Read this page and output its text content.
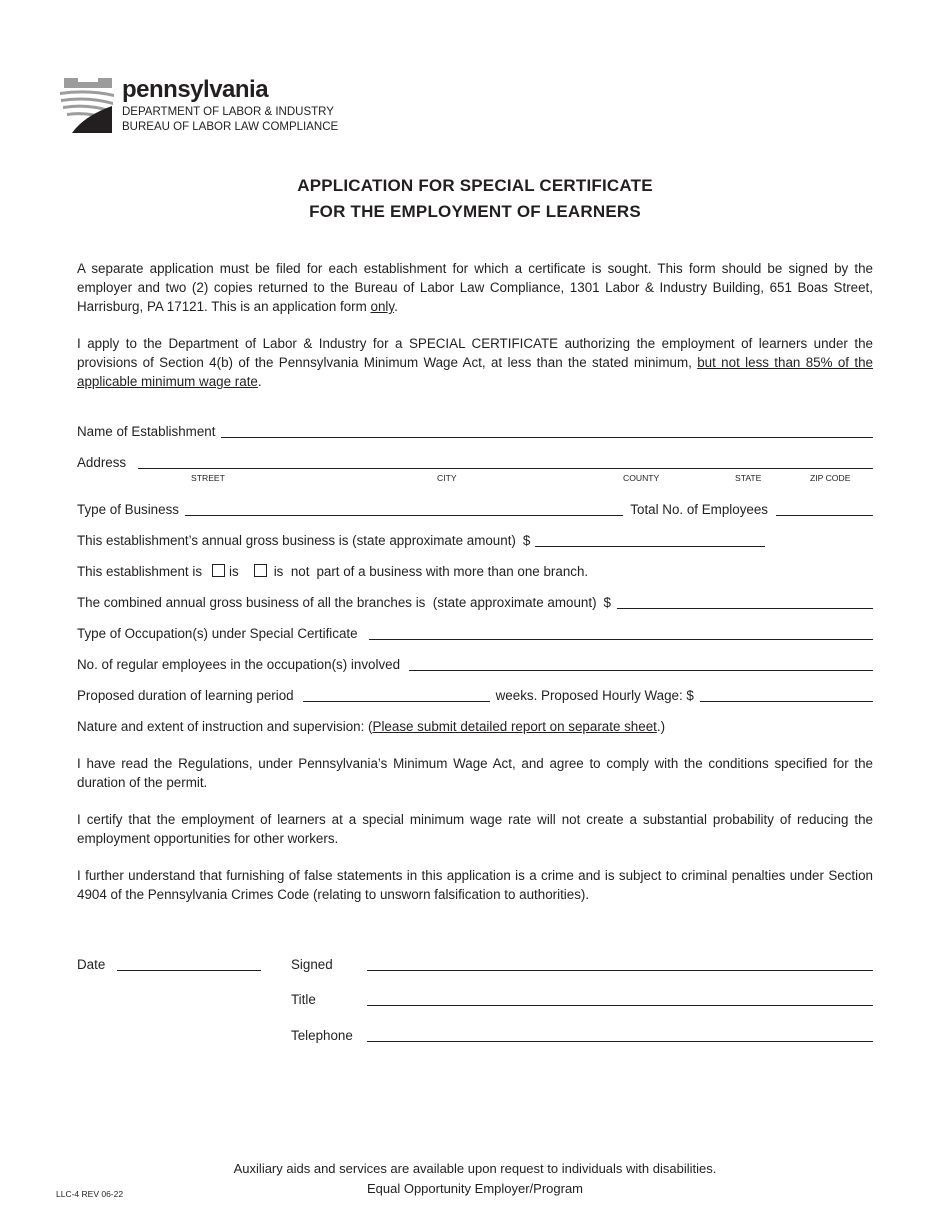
pennsylvania
DEPARTMENT OF LABOR & INDUSTRY
BUREAU OF LABOR LAW COMPLIANCE
APPLICATION FOR SPECIAL CERTIFICATE
FOR THE EMPLOYMENT OF LEARNERS
A separate application must be filed for each establishment for which a certificate is sought. This form should be signed by the employer and two (2) copies returned to the Bureau of Labor Law Compliance, 1301 Labor & Industry Building, 651 Boas Street, Harrisburg, PA 17121. This is an application form only.
I apply to the Department of Labor & Industry for a SPECIAL CERTIFICATE authorizing the employment of learners under the provisions of Section 4(b) of the Pennsylvania Minimum Wage Act, at less than the stated minimum, but not less than 85% of the applicable minimum wage rate.
Name of Establishment
Address
STREET	CITY	COUNTY	STATE	ZIP CODE
Type of Business	Total No. of Employees
This establishment’s annual gross business is (state approximate amount) $
This establishment is	is	is  not part of a business with more than one branch.
The combined annual gross business of all the branches is  (state approximate amount) $
Type of Occupation(s) under Special Certificate
No. of regular employees in the occupation(s) involved
Proposed duration of learning period	weeks. Proposed Hourly Wage: $
Nature and extent of instruction and supervision: (Please submit detailed report on separate sheet.)
I have read the Regulations, under Pennsylvania’s Minimum Wage Act, and agree to comply with the conditions specified for the duration of the permit.
I certify that the employment of learners at a special minimum wage rate will not create a substantial probability of reducing the employment opportunities for other workers.
I further understand that furnishing of false statements in this application is a crime and is subject to criminal penalties under Section 4904 of the Pennsylvania Crimes Code (relating to unsworn falsification to authorities).
Date	Signed
Title
Telephone
Auxiliary aids and services are available upon request to individuals with disabilities.
Equal Opportunity Employer/Program
LLC-4 REV 06-22
